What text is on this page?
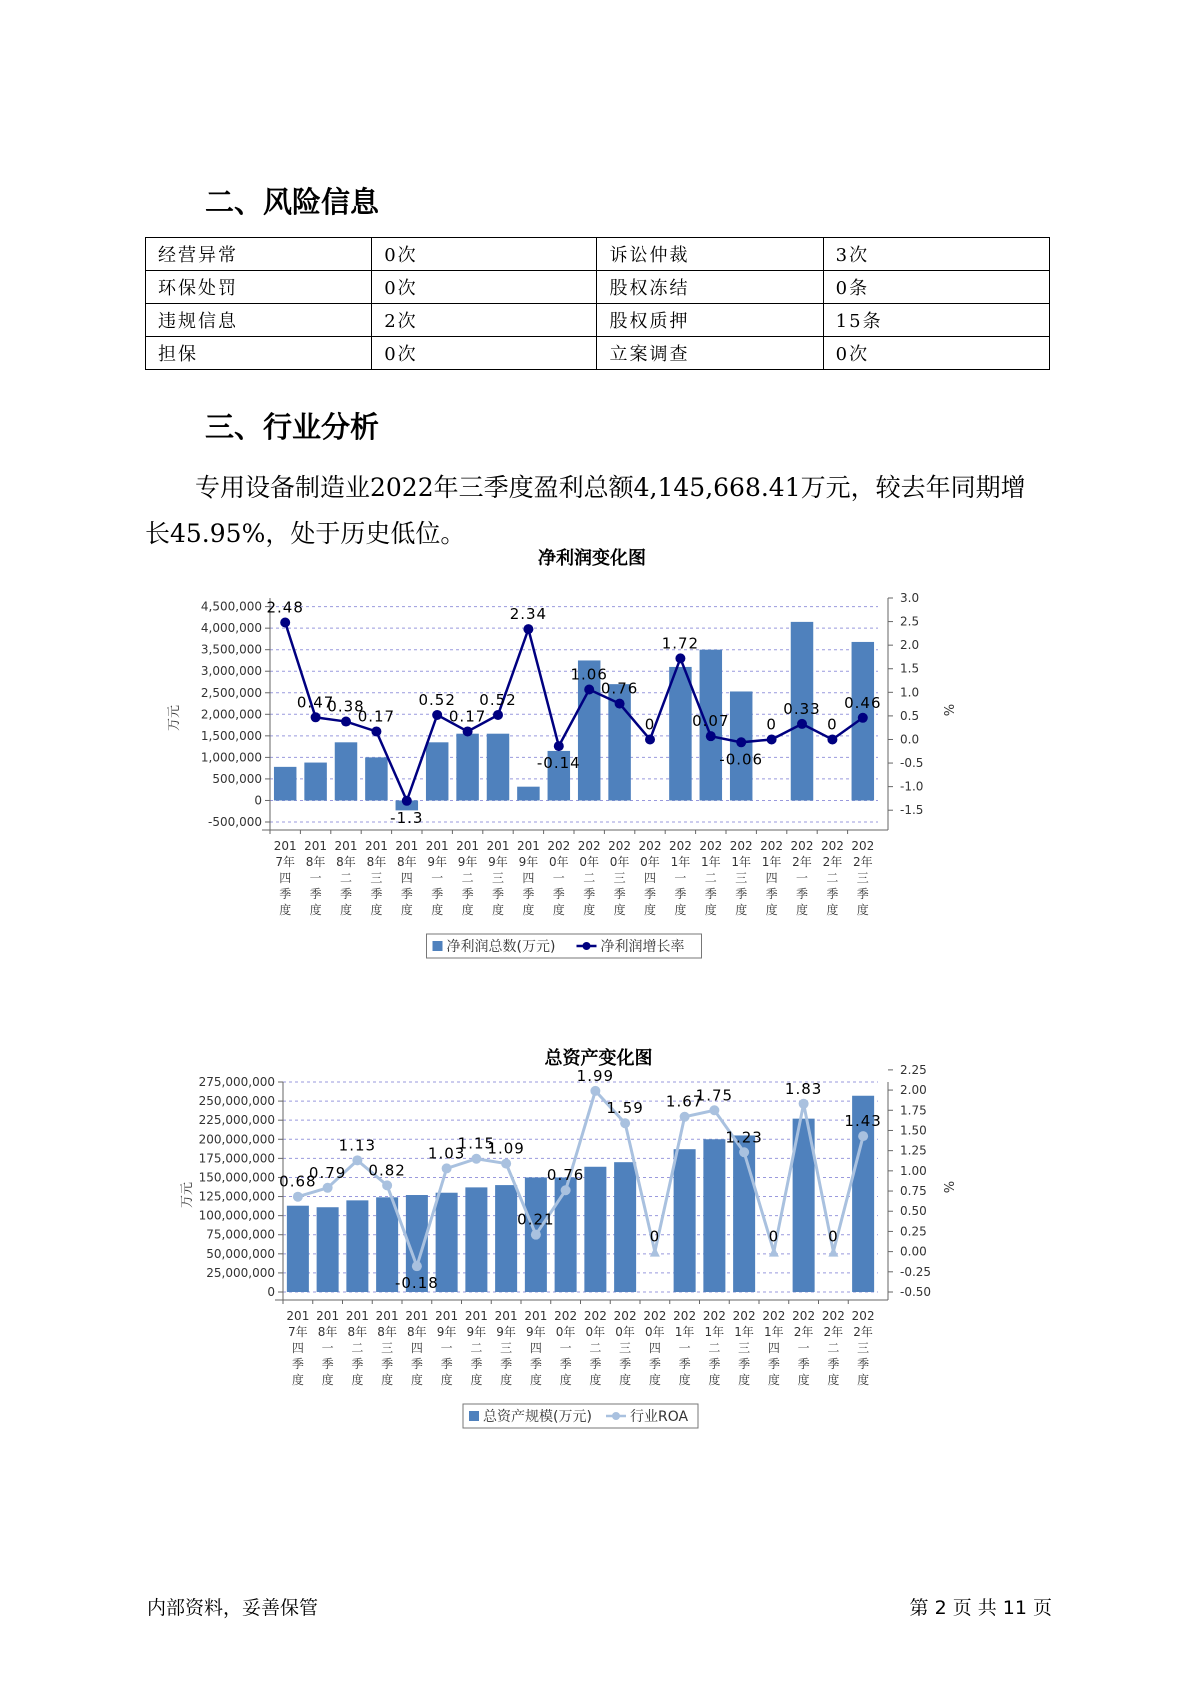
二、风险信息
经营异常	0次	诉讼仲裁	3次
环保处罚	0次	股权冻结	0条
违规信息	2次	股权质押	15条
担保	0次	立案调查	0次
三、行业分析

专用设备制造业2022年三季度盈利总额4,145,668.41万元，较去年同期增长45.95%，处于历史低位。

净利润变化图
-500,000
0
500,000
1,000,000
1,500,000
2,000,000
2,500,000
3,000,000
3,500,000
4,000,000
4,500,000
-1.5
-1.0
-0.5
0.0
0.5
1.0
1.5
2.0
2.5
3.0
万元	%
201 7年四季度
201 8年一季度
201 8年二季度
201 8年三季度
201 8年四季度
201 9年一季度
201 9年二季度
201 9年三季度
201 9年四季度
202 0年一季度
202 0年二季度
202 0年三季度
202 0年四季度
202 1年一季度
202 1年二季度
202 1年三季度
202 1年四季度
202 2年一季度
202 2年二季度
202 2年三季度
2.48
0.47
0.38
0.17
-1.3
0.52
0.17
0.52
2.34
-0.14
1.06
0.76
0
1.72
0.07
-0.06
0
0.33
0
0.46
净利润总数(万元)	净利润增长率
总资产变化图
0
25,000,000
50,000,000
75,000,000
100,000,000
125,000,000
150,000,000
175,000,000
200,000,000
225,000,000
250,000,000
275,000,000
-0.50
-0.25
0.00
0.25
0.50
0.75
1.00
1.25
1.50
1.75
2.00
2.25
万元	%
201 7年四季度
201 8年一季度
201 8年二季度
201 8年三季度
201 8年四季度
201 9年一季度
201 9年二季度
201 9年三季度
201 9年四季度
202 0年一季度
202 0年二季度
202 0年三季度
202 0年四季度
202 1年一季度
202 1年二季度
202 1年三季度
202 1年四季度
202 2年一季度
202 2年二季度
202 2年三季度
0.68
0.79
1.13
0.82
-0.18
1.03
1.15
1.09
0.21
0.76
1.99
1.59
0
1.67
1.75
1.23
0
1.83
0
1.43
总资产规模(万元)	行业ROA
内部资料，妥善保管	第 2 页 共 11 页
